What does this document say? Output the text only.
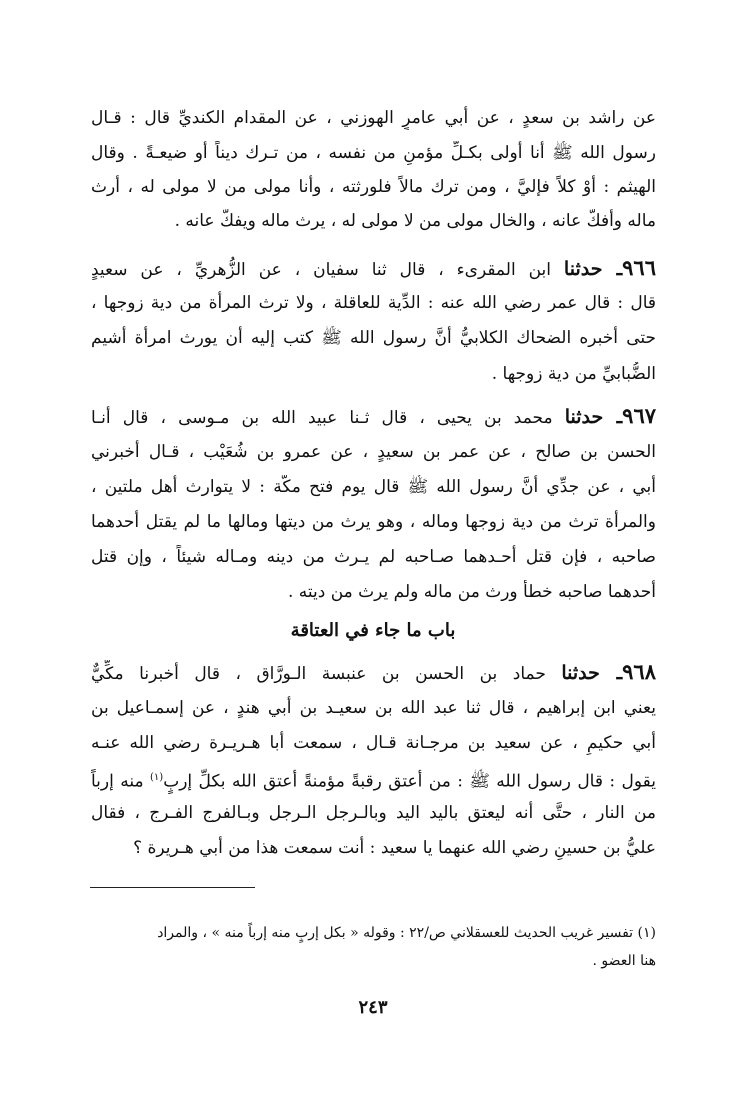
عن راشد بن سعدٍ ، عن أبي عامرٍ الهوزني ، عن المقدام الكنديِّ قال : قـال
رسول الله ﷺ أنا أولى بكـلِّ مؤمنٍ من نفسه ، من تـرك ديناً أو ضيعـةً . وقال
الهيثم : أَوْ كلاً فإليَّ ، ومن ترك مالاً فلورثته ، وأنا مولى من لا مولى له ، أرث
ماله وأفكُّ عانه ، والخال مولى من لا مولى له ، يرث ماله ويفكُّ عانه .
٩٦٦ـ حدثنا ابن المقرىء ، قال ثنا سفيان ، عن الزُّهريِّ ، عن سعيدٍ
قال : قال عمر رضي الله عنه : الدِّية للعاقلة ، ولا ترث المرأة من دية زوجها ،
حتى أخبره الضحاك الكلابيُّ أنَّ رسول الله ﷺ كتب إليه أن يورث امرأة أشيم
الضُّبابيِّ من دية زوجها .
٩٦٧ـ حدثنا محمد بن يحيى ، قال ثـنا عبيد الله بن مـوسى ، قال أنـا
الحسن بن صالح ، عن عمر بن سعيدٍ ، عن عمرو بن شُعَيْب ، قـال أخبرني
أبي ، عن جدِّي أنَّ رسول الله ﷺ قال يوم فتح مكَّة : لا يتوارث أهل ملتين ،
والمرأة ترث من دية زوجها وماله ، وهو يرث من ديتها ومالها ما لم يقتل أحدهما
صاحبه ، فإن قتل أحـدهما صـاحبه لم يـرث من دينه ومـاله شيئاً ، وإن قتل
أحدهما صاحبه خطأً ورث من ماله ولم يرث من ديته .
باب ما جاء في العتاقة
٩٦٨ـ حدثنا حماد بن الحسن بن عنبسة الـورَّاق ، قال أخبرنا مكِّيٌّ
يعني ابن إبراهيم ، قال ثنا عبد الله بن سعيـد بن أبي هندٍ ، عن إسمـاعيل بن
أبي حكيمٍ ، عن سعيد بن مرجـانة قـال ، سمعت أبا هـريـرة رضي الله عنـه
يقول : قال رسول الله ﷺ : من أعتق رقبةً مؤمنةً أعتق الله بكلِّ إربٍ$^{(١)}$ منه إرباً
من النار ، حتَّى أنه ليعتق باليد اليد وبالـرجل الـرجل وبـالفرج الفـرج ، فقال
عليُّ بن حسينٍ رضي الله عنهما يا سعيد : أنت سمعت هذا من أبي هـريرة ؟
(١) تفسير غريب الحديث للعسقلاني ص/٢٢ : وقوله « بكل إربٍ منه إرباً منه » ، والمراد
هنا العضو .
٢٤٣
